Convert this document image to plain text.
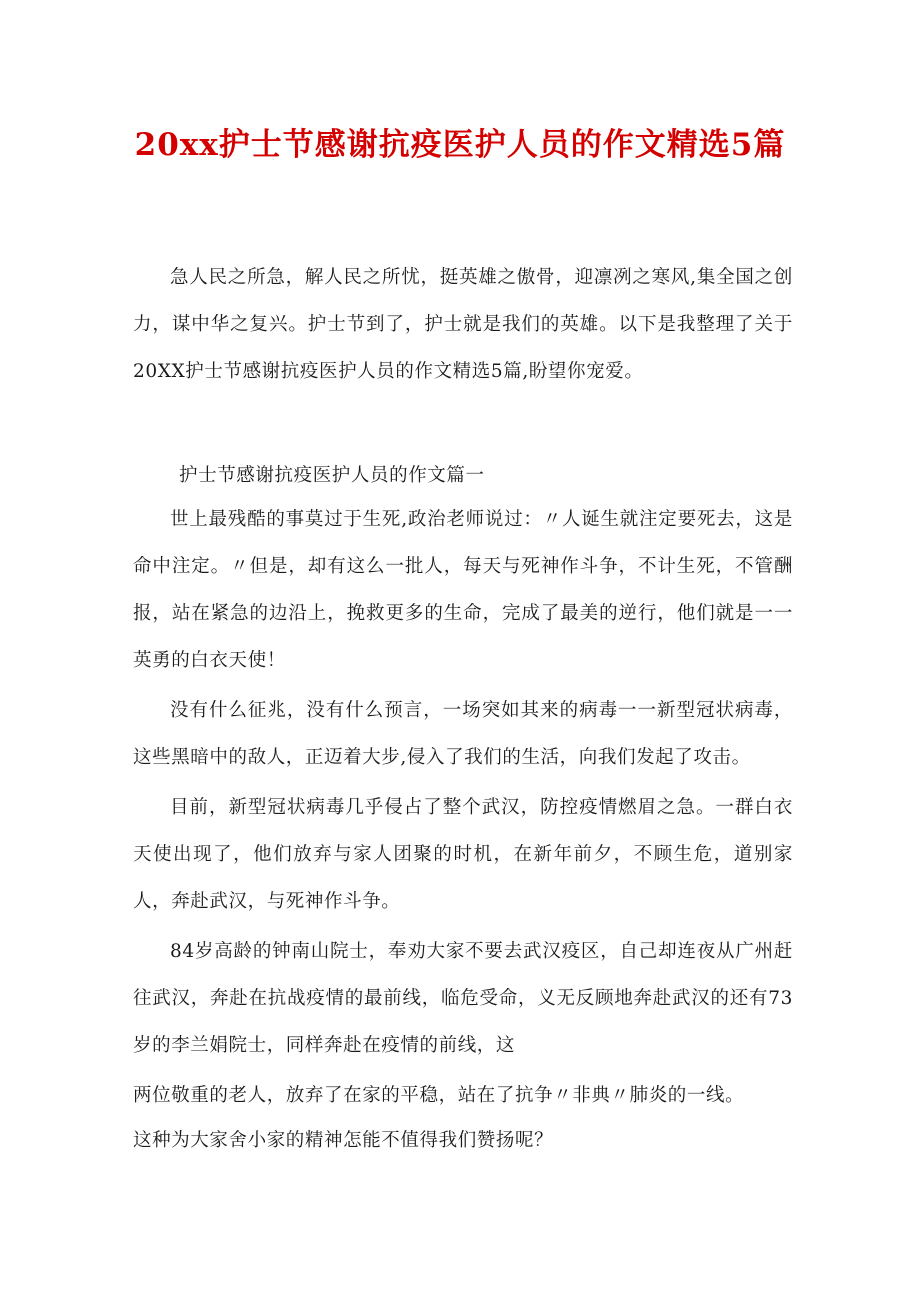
20xx护士节感谢抗疫医护人员的作文精选5篇
急人民之所急，解人民之所忧，挺英雄之傲骨，迎凛冽之寒风,集全国之创力，谋中华之复兴。护士节到了，护士就是我们的英雄。以下是我整理了关于20XX护士节感谢抗疫医护人员的作文精选5篇,盼望你宠爱。
护士节感谢抗疫医护人员的作文篇一
世上最残酷的事莫过于生死,政治老师说过：〃人诞生就注定要死去，这是命中注定。〃但是，却有这么一批人，每天与死神作斗争，不计生死，不管酬报，站在紧急的边沿上，挽救更多的生命，完成了最美的逆行，他们就是一一英勇的白衣天使！
没有什么征兆，没有什么预言，一场突如其来的病毒一一新型冠状病毒，这些黑暗中的敌人，正迈着大步,侵入了我们的生活，向我们发起了攻击。
目前，新型冠状病毒几乎侵占了整个武汉，防控疫情燃眉之急。一群白衣天使出现了，他们放弃与家人团聚的时机，在新年前夕，不顾生危，道别家人，奔赴武汉，与死神作斗争。
84岁高龄的钟南山院士，奉劝大家不要去武汉疫区，自己却连夜从广州赶往武汉，奔赴在抗战疫情的最前线，临危受命，义无反顾地奔赴武汉的还有73岁的李兰娟院士，同样奔赴在疫情的前线，这
两位敬重的老人，放弃了在家的平稳，站在了抗争〃非典〃肺炎的一线。
这种为大家舍小家的精神怎能不值得我们赞扬呢？
